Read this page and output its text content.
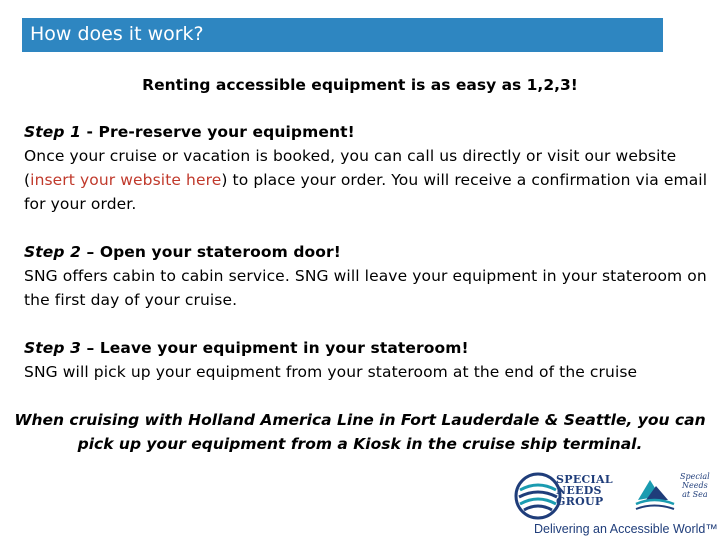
How does it work?
Renting accessible equipment is as easy as 1,2,3!
Step 1 - Pre-reserve your equipment!
Once your cruise or vacation is booked, you can call us directly or visit our website (insert your website here) to place your order. You will receive a confirmation via email for your order.
Step 2 – Open your stateroom door!
SNG offers cabin to cabin service. SNG will leave your equipment in your stateroom on the first day of your cruise.
Step 3 – Leave your equipment in your stateroom!
SNG will pick up your equipment from your stateroom at the end of the cruise
When cruising with Holland America Line in Fort Lauderdale & Seattle, you can pick up your equipment from a Kiosk in the cruise ship terminal.
SPECIAL
NEEDS
GROUP
Special
Needs
at Sea
Delivering an Accessible World™
